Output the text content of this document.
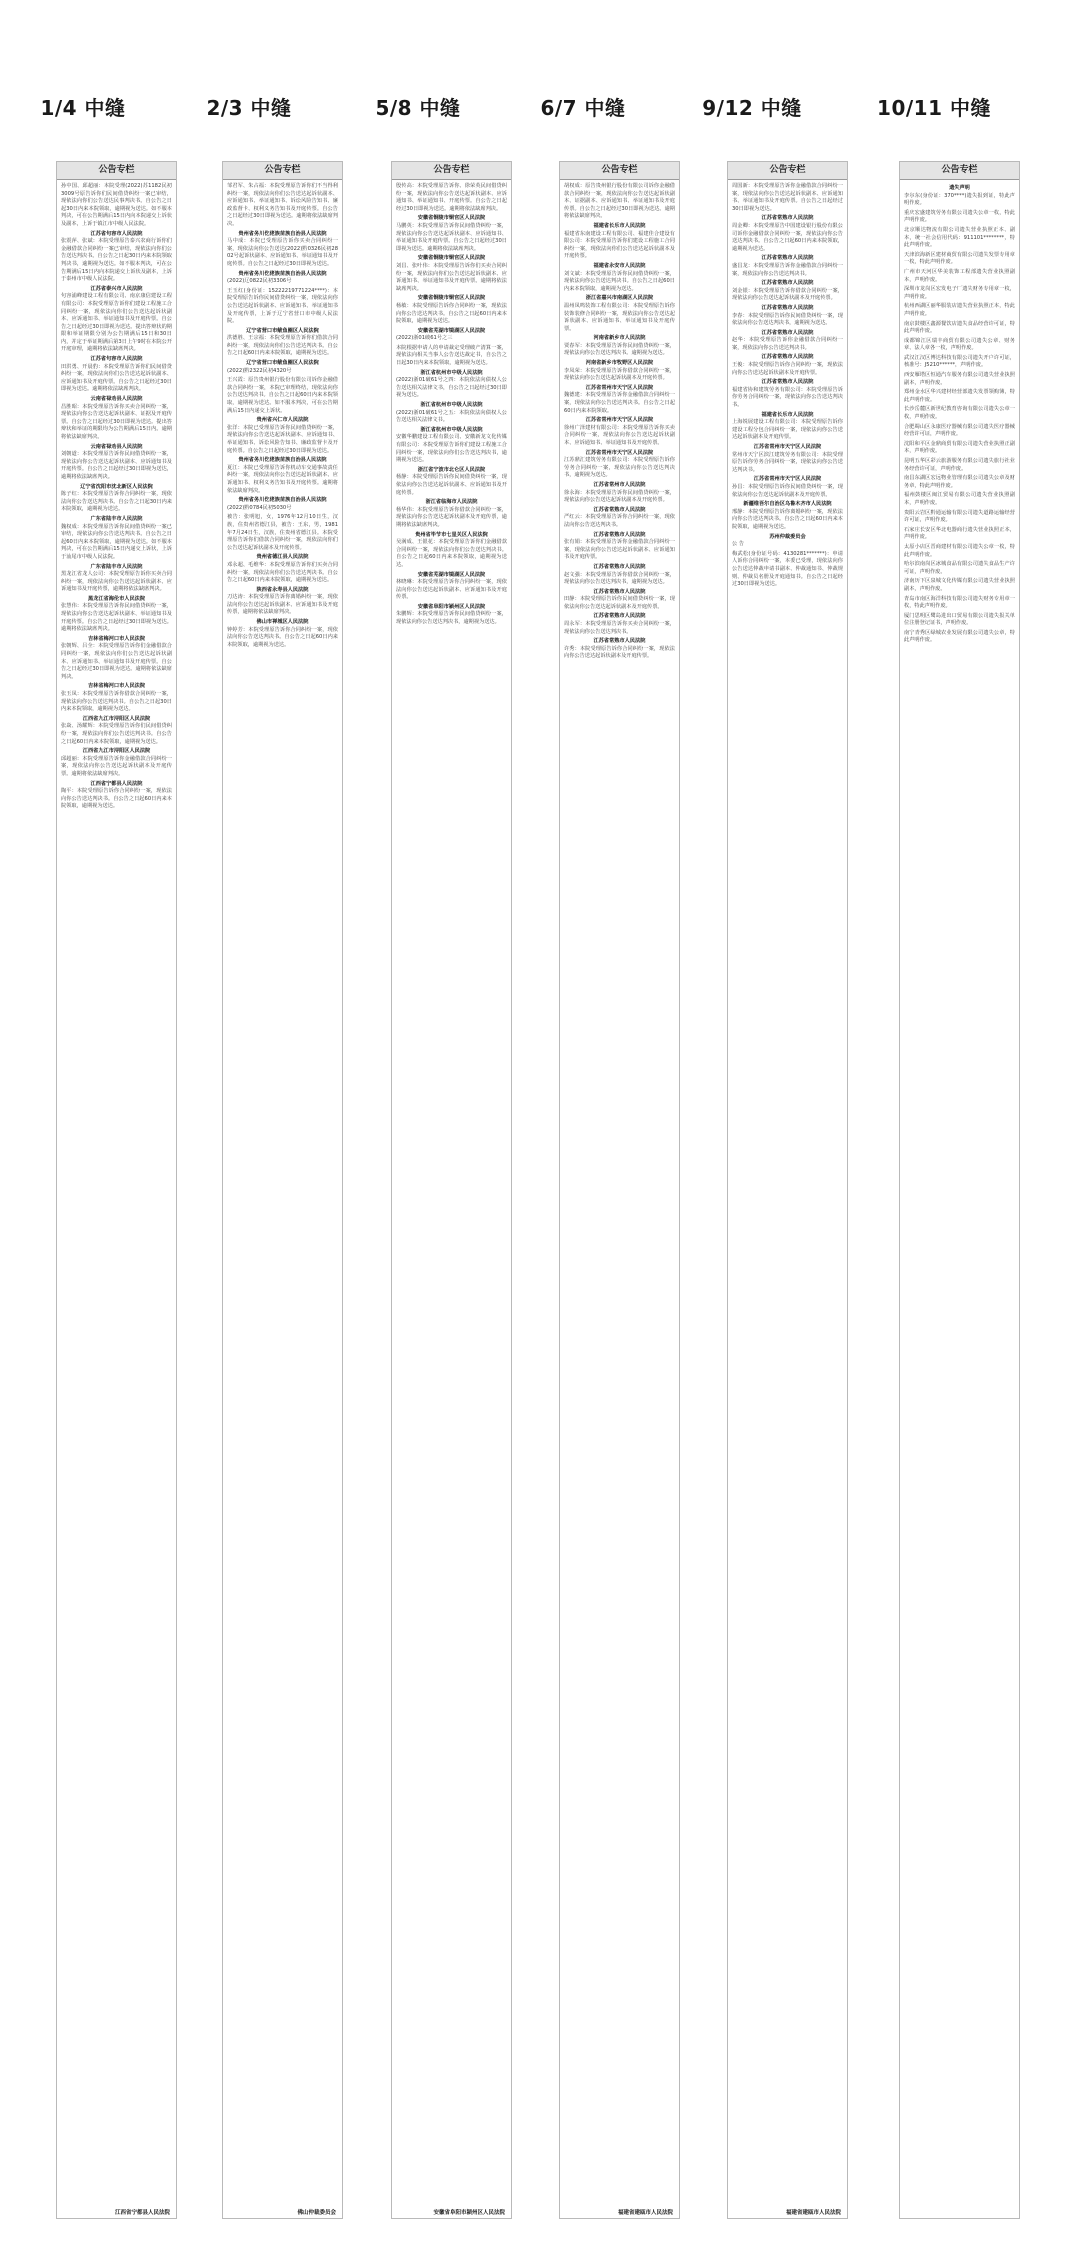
1/4 中缝	2/3 中缝	5/8 中缝	6/7 中缝	9/12 中缝	10/11 中缝
公告专栏
孙中国、邱超丽：本院受理(2022)苏1182民初3009号原告诉你们民间借贷纠纷一案已审结，现依法向你们公告送达民事判决书。自公告之日起30日内来本院领取，逾期视为送达。如不服本判决，可在公告期满后15日内向本院递交上诉状及副本，上诉于镇江市中级人民法院。
江苏省句容市人民法院
张震萍、张斌：本院受理原告泰兴农商行诉你们金融借款合同纠纷一案已审结，现依法向你们公告送达判决书。自公告之日起30日内来本院领取判决书，逾期视为送达。如不服本判决，可在公告期满后15日内向本院递交上诉状及副本，上诉于泰州市中级人民法院。
江苏省泰兴市人民法院
句容浦峰建设工程有限公司、南京康信建设工程有限公司：本院受理原告诉你们建设工程施工合同纠纷一案，现依法向你们公告送达起诉状副本、应诉通知书、举证通知书及开庭传票。自公告之日起经过30日即视为送达。提出答辩状的期限和举证期限分别为公告期满后15日和30日内，并定于举证期满后第3日上午9时在本院公开开庭审理，逾期将依法缺席判决。
江苏省句容市人民法院
田洪勇、开晨豹：本院受理原告诉你们民间借贷纠纷一案，现依法向你们公告送达起诉状副本、应诉通知书及开庭传票。自公告之日起经过30日即视为送达。逾期将依法缺席判决。
云南省禄劝县人民法院
昌胜昭：本院受理原告诉你买卖合同纠纷一案，现依法向你公告送达起诉状副本、证据及开庭传票。自公告之日起经过30日即视为送达。提出答辩状和举证的期限均为公告期满后15日内。逾期将依法缺席判决。
云南省禄劝县人民法院
刘朝道：本院受理原告诉你民间借贷纠纷一案，现依法向你公告送达起诉状副本、应诉通知书及开庭传票。自公告之日起经过30日即视为送达，逾期将依法缺席判决。
辽宁省沈阳市沈北新区人民法院
陈子红：本院受理原告诉你合同纠纷一案，现依法向你公告送达判决书。自公告之日起30日内来本院领取，逾期视为送达。
广东省陆丰市人民法院
魏权成：本院受理原告诉你民间借贷纠纷一案已审结，现依法向你公告送达判决书。自公告之日起60日内来本院领取，逾期视为送达。如不服本判决，可在公告期满后15日内递交上诉状，上诉于汕尾市中级人民法院。
广东省陆丰市人民法院
黑龙江省龙人公司：本院受理原告诉你买卖合同纠纷一案，现依法向你公告送达起诉状副本、应诉通知书及开庭传票，逾期将依法缺席判决。
黑龙江省海伦市人民法院
张慧伟：本院受理原告诉你民间借贷纠纷一案，现依法向你公告送达起诉状副本、举证通知书及开庭传票。自公告之日起经过30日即视为送达。逾期将依法缺席判决。
吉林省梅河口市人民法院
张朝辉、吕全：本院受理原告诉你们金融借款合同纠纷一案，现依法向你们公告送达起诉状副本、应诉通知书、举证通知书及开庭传票。自公告之日起经过30日即视为送达。逾期将依法缺席判决。
吉林省梅河口市人民法院
张玉凤：本院受理原告诉你借款合同纠纷一案，现依法向你公告送达判决书。自公告之日起30日内来本院领取，逾期视为送达。
江西省九江市浔阳区人民法院
张焱、汤耀辉：本院受理原告诉你们民间借贷纠纷一案，现依法向你们公告送达判决书。自公告之日起60日内来本院领取，逾期视为送达。
江西省九江市浔阳区人民法院
邱超丽：本院受理原告诉你金融借款合同纠纷一案，现依法向你公告送达起诉状副本及开庭传票。逾期将依法缺席判决。
江西省宁都县人民法院
陶平：本院受理原告诉你合同纠纷一案，现依法向你公告送达判决书。自公告之日起60日内来本院领取，逾期视为送达。
江西省宁都县人民法院
公告专栏
邹君军、朱占福：本院受理原告诉你们不当得利纠纷一案，现依法向你们公告送达起诉状副本、应诉通知书、举证通知书、诉讼风险告知书、廉政监督卡、权利义务告知书及开庭传票。自公告之日起经过30日即视为送达。逾期将依法缺席判决。
贵州省务川仡佬族苗族自治县人民法院
马中成：本院已受理原告诉你买卖合同纠纷一案，现依法向你公告送达(2022)黔0326民初2802号起诉状副本、应诉通知书、举证通知书及开庭传票。自公告之日起经过30日即视为送达。
贵州省务川仡佬族苗族自治县人民法院
(2022)辽0822民初3306号
王玉红(身份证：15222219771224****)：本院受理原告诉你民间借贷纠纷一案，现依法向你公告送达起诉状副本、应诉通知书、举证通知书及开庭传票，上诉于辽宁省营口市中级人民法院。
辽宁省营口市鲅鱼圈区人民法院
洪德胜、王宗福：本院受理原告诉你们借款合同纠纷一案，现依法向你们公告送达判决书。自公告之日起60日内来本院领取，逾期视为送达。
辽宁省营口市鲅鱼圈区人民法院
(2022)黔2322民初4320号
王兴霞：原告贵州银行股份有限公司诉你金融借款合同纠纷一案，本院已审理终结，现依法向你公告送达判决书。自公告之日起60日内来本院领取，逾期视为送达。如不服本判决，可在公告期满后15日内递交上诉状。
贵州省兴仁市人民法院
张洋：本院已受理原告诉你民间借贷纠纷一案，现依法向你公告送达起诉状副本、应诉通知书、举证通知书、诉讼风险告知书、廉政监督卡及开庭传票。自公告之日起经过30日即视为送达。
贵州省务川仡佬族苗族自治县人民法院
夏江：本院已受理原告诉你机动车交通事故责任纠纷一案，现依法向你公告送达起诉状副本、应诉通知书、权利义务告知书及开庭传票。逾期将依法缺席判决。
贵州省务川仡佬族苗族自治县人民法院
(2022)黔0784民初5030号
被告：张明旭，女，1976年12月10日生，汉族，住贵州省德江县，被告：王东，男，1981年7月24日生，汉族，住贵州省德江县。本院受理原告诉你们借款合同纠纷一案，现依法向你们公告送达起诉状副本及开庭传票。
贵州省德江县人民法院
邓永超、毛维华：本院受理原告诉你们买卖合同纠纷一案，现依法向你们公告送达判决书。自公告之日起60日内来本院领取，逾期视为送达。
陕西省永寿县人民法院
刀达涛：本院受理原告诉你离婚纠纷一案，现依法向你公告送达起诉状副本、应诉通知书及开庭传票，逾期将依法缺席判决。
佛山市禅城区人民法院
钟婷芳：本院受理原告诉你合同纠纷一案，现依法向你公告送达判决书。自公告之日起60日内来本院领取，逾期视为送达。
佛山仲裁委员会
公告专栏
殷传高：本院受理原告诉你、徐荣英民间借贷纠纷一案，现依法向你公告送达起诉状副本、应诉通知书、举证通知书、开庭传票。自公告之日起经过30日即视为送达。逾期将依法缺席判决。
安徽省铜陵市铜官区人民法院
马鹏英：本院受理原告诉你民间借贷纠纷一案，现依法向你公告送达起诉状副本、应诉通知书、举证通知书及开庭传票。自公告之日起经过30日即视为送达。逾期将依法缺席判决。
安徽省铜陵市铜官区人民法院
刘昌、张叶伟：本院受理原告诉你们买卖合同纠纷一案，现依法向你们公告送达起诉状副本、应诉通知书、举证通知书及开庭传票。逾期将依法缺席判决。
安徽省铜陵市铜官区人民法院
杨敏：本院受理原告诉你合同纠纷一案，现依法向你公告送达判决书。自公告之日起60日内来本院领取，逾期视为送达。
安徽省芜湖市镜湖区人民法院
(2022)浙01破61号之三
本院根据申请人的申请裁定受理破产清算一案，现依法向相关当事人公告送达裁定书，自公告之日起30日内来本院领取，逾期视为送达。
浙江省杭州市中级人民法院
(2022)浙01破61号之四：本院依法向债权人公告送达相关法律文书，自公告之日起经过30日即视为送达。
浙江省杭州市中级人民法院
(2022)浙01破61号之五：本院依法向债权人公告送达相关法律文书。
浙江省杭州市中级人民法院
安徽华鹏建设工程有限公司、安徽新龙文化传媒有限公司：本院受理原告诉你们建设工程施工合同纠纷一案，现依法向你们公告送达判决书，逾期视为送达。
浙江省宁波市北仑区人民法院
杨静：本院受理原告诉你民间借贷纠纷一案，现依法向你公告送达起诉状副本、应诉通知书及开庭传票。
浙江省临海市人民法院
杨华伟：本院受理原告诉你借款合同纠纷一案，现依法向你公告送达起诉状副本及开庭传票，逾期将依法缺席判决。
贵州省毕节市七星关区人民法院
吴满成、王银花：本院受理原告诉你们金融借款合同纠纷一案，现依法向你们公告送达判决书。自公告之日起60日内来本院领取，逾期视为送达。
安徽省芜湖市镜湖区人民法院
林晓琳：本院受理原告诉你合同纠纷一案，现依法向你公告送达起诉状副本、应诉通知书及开庭传票。
安徽省阜阳市颍州区人民法院
朱鹏辉：本院受理原告诉你民间借贷纠纷一案，现依法向你公告送达判决书，逾期视为送达。
安徽省阜阳市颍州区人民法院
公告专栏
胡权成：原告贵州银行股份有限公司诉你金融借款合同纠纷一案，现依法向你公告送达起诉状副本、证据副本、应诉通知书、举证通知书及开庭传票。自公告之日起经过30日即视为送达。逾期将依法缺席判决。
福建省长乐市人民法院
福建省东南建设工程有限公司、福建佳合建设有限公司：本院受理原告诉你们建设工程施工合同纠纷一案，现依法向你们公告送达起诉状副本及开庭传票。
福建省永安市人民法院
刘文斌：本院受理原告诉你民间借贷纠纷一案，现依法向你公告送达判决书。自公告之日起60日内来本院领取，逾期视为送达。
浙江省嘉兴市南湖区人民法院
温州凤鸣装饰工程有限公司：本院受理原告诉你装饰装修合同纠纷一案，现依法向你公告送达起诉状副本、应诉通知书、举证通知书及开庭传票。
河南省新乡市人民法院
贾春军：本院受理原告诉你民间借贷纠纷一案，现依法向你公告送达判决书。逾期视为送达。
河南省新乡市牧野区人民法院
李凤荣：本院受理原告诉你借款合同纠纷一案，现依法向你公告送达起诉状副本及开庭传票。
江苏省常州市天宁区人民法院
魏德建：本院受理原告诉你金融借款合同纠纷一案，现依法向你公告送达判决书。自公告之日起60日内来本院领取。
江苏省常州市天宁区人民法院
徐州广泽建材有限公司：本院受理原告诉你买卖合同纠纷一案，现依法向你公告送达起诉状副本、应诉通知书、举证通知书及开庭传票。
江苏省常州市天宁区人民法院
江苏鼎汇建筑劳务有限公司：本院受理原告诉你劳务合同纠纷一案，现依法向你公告送达判决书，逾期视为送达。
江苏省常州市人民法院
徐永海：本院受理原告诉你民间借贷纠纷一案，现依法向你公告送达起诉状副本及开庭传票。
江苏省常熟市人民法院
严红云：本院受理原告诉你合同纠纷一案，现依法向你公告送达判决书。
江苏省常熟市人民法院
张有娟：本院受理原告诉你金融借款合同纠纷一案，现依法向你公告送达起诉状副本、应诉通知书及开庭传票。
江苏省常熟市人民法院
赵文强：本院受理原告诉你借款合同纠纷一案，现依法向你公告送达判决书，逾期视为送达。
江苏省常熟市人民法院
田静：本院受理原告诉你民间借贷纠纷一案，现依法向你公告送达起诉状副本及开庭传票。
江苏省常熟市人民法院
周永军：本院受理原告诉你买卖合同纠纷一案，现依法向你公告送达判决书。
江苏省常熟市人民法院
许秀：本院受理原告诉你合同纠纷一案，现依法向你公告送达起诉状副本及开庭传票。
福建省建瓯市人民法院
公告专栏
周国新：本院受理原告诉你金融借款合同纠纷一案，现依法向你公告送达起诉状副本、应诉通知书、举证通知书及开庭传票。自公告之日起经过30日即视为送达。
江苏省常熟市人民法院
周金卿：本院受理原告中国建设银行股份有限公司诉你金融借款合同纠纷一案，现依法向你公告送达判决书。自公告之日起60日内来本院领取，逾期视为送达。
江苏省常熟市人民法院
盛昌龙：本院受理原告诉你金融借款合同纠纷一案，现依法向你公告送达判决书。
江苏省常熟市人民法院
刘金银：本院受理原告诉你借款合同纠纷一案，现依法向你公告送达起诉状副本及开庭传票。
江苏省常熟市人民法院
李春：本院受理原告诉你民间借贷纠纷一案，现依法向你公告送达判决书，逾期视为送达。
江苏省常熟市人民法院
赵华：本院受理原告诉你金融借款合同纠纷一案，现依法向你公告送达判决书。
江苏省常熟市人民法院
王俊：本院受理原告诉你合同纠纷一案，现依法向你公告送达起诉状副本及开庭传票。
江苏省常熟市人民法院
福建省协和建筑劳务有限公司：本院受理原告诉你劳务合同纠纷一案，现依法向你公告送达判决书。
福建省长乐市人民法院
上海锐展建设工程有限公司：本院受理原告诉你建设工程分包合同纠纷一案，现依法向你公告送达起诉状副本及开庭传票。
江苏省常州市天宁区人民法院
常州市天宁区滨江建筑劳务有限公司：本院受理原告诉你劳务合同纠纷一案，现依法向你公告送达判决书。
江苏省常州市天宁区人民法院
孙昌：本院受理原告诉你民间借贷纠纷一案，现依法向你公告送达起诉状副本及开庭传票。
新疆维吾尔自治区乌鲁木齐市人民法院
邢静：本院受理原告诉你离婚纠纷一案，现依法向你公告送达判决书。自公告之日起60日内来本院领取，逾期视为送达。
苏州仲裁委员会
公 告
梅武松(身份证号码：4130281*******)：申请人诉你合同纠纷一案，本委已受理，现依法向你公告送达仲裁申请书副本、仲裁通知书、仲裁规则、仲裁员名册及开庭通知书。自公告之日起经过30日即视为送达。
福建省建瓯市人民法院
公告专栏
遗失声明
李尔东(身份证：370****)遗失报到证，特此声明作废。
重庆宏盛建筑劳务有限公司遗失公章一枚，特此声明作废。
北京顺达物流有限公司遗失营业执照正本、副本，统一社会信用代码：911101********，特此声明作废。
天津滨海新区建材商贸有限公司遗失发票专用章一枚，特此声明作废。
广州市天河区华美装饰工程部遗失营业执照副本，声明作废。
深圳市龙岗区宏发电子厂遗失财务专用章一枚，声明作废。
杭州西湖区丽华服装店遗失营业执照正本，特此声明作废。
南京鼓楼区鑫源餐饮店遗失食品经营许可证，特此声明作废。
成都锦江区瑞丰商贸有限公司遗失公章、财务章、法人章各一枚，声明作废。
武汉江汉区博达科技有限公司遗失开户许可证，核准号：J5210******，声明作废。
西安雁塔区恒通汽车服务有限公司遗失营业执照副本，声明作废。
郑州金水区华兴建材经营部遗失发票领购簿，特此声明作废。
长沙岳麓区新世纪教育咨询有限公司遗失公章一枚，声明作废。
合肥蜀山区永康医疗器械有限公司遗失医疗器械经营许可证，声明作废。
沈阳和平区金鼎商贸有限公司遗失营业执照正副本，声明作废。
昆明五华区彩云旅游服务有限公司遗失旅行社业务经营许可证，声明作废。
南昌东湖区宏远物业管理有限公司遗失公章及财务章，特此声明作废。
福州鼓楼区闽江贸易有限公司遗失营业执照副本，声明作废。
贵阳云岩区黔通运输有限公司遗失道路运输经营许可证，声明作废。
石家庄长安区华北电器商行遗失营业执照正本，声明作废。
太原小店区晋商建材有限公司遗失公章一枚，特此声明作废。
哈尔滨南岗区冰城食品有限公司遗失食品生产许可证，声明作废。
济南历下区泉城文化传媒有限公司遗失营业执照副本，声明作废。
青岛市南区海洋科技有限公司遗失财务专用章一枚，特此声明作废。
厦门思明区鹭岛进出口贸易有限公司遗失报关单位注册登记证书，声明作废。
南宁青秀区绿城农业发展有限公司遗失公章，特此声明作废。
